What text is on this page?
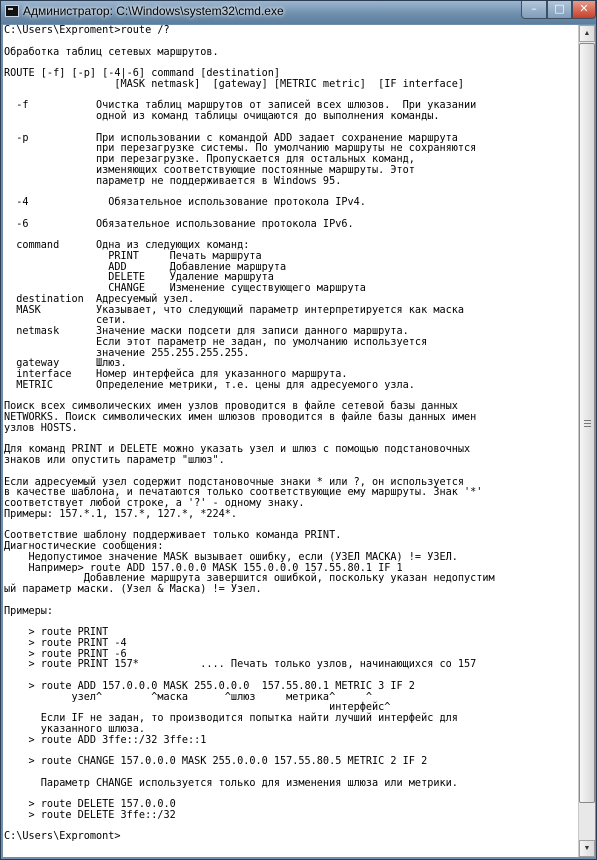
Администратор: C:\Windows\system32\cmd.exe	–	□	✕
C:\Users\Exproment>route /?

Обработка таблиц сетевых маршрутов.

ROUTE [-f] [-p] [-4|-6] command [destination]
[MASK netmask]  [gateway] [METRIC metric]  [IF interface]

-f           Очистка таблиц маршрутов от записей всех шлюзов.  При указании
одной из команд таблицы очищаются до выполнения команды.

-p           При использовании с командой ADD задает сохранение маршрута
при перезагрузке системы. По умолчанию маршруты не сохраняются
при перезагрузке. Пропускается для остальных команд,
изменяющих соответствующие постоянные маршруты. Этот
параметр не поддерживается в Windows 95.

-4             Обязательное использование протокола IPv4.

-6           Обязательное использование протокола IPv6.

command      Одна из следующих команд:
PRINT     Печать маршрута
ADD       Добавление маршрута
DELETE    Удаление маршрута
CHANGE    Изменение существующего маршрута
destination  Адресуемый узел.
MASK         Указывает, что следующий параметр интерпретируется как маска
сети.
netmask      Значение маски подсети для записи данного маршрута.
Если этот параметр не задан, по умолчанию используется
значение 255.255.255.255.
gateway      Шлюз.
interface    Номер интерфейса для указанного маршрута.
METRIC       Определение метрики, т.е. цены для адресуемого узла.

Поиск всех символических имен узлов проводится в файле сетевой базы данных
NETWORKS. Поиск символических имен шлюзов проводится в файле базы данных имен
узлов HOSTS.

Для команд PRINT и DELETE можно указать узел и шлюз с помощью подстановочных
знаков или опустить параметр "шлюз".

Если адресуемый узел содержит подстановочные знаки * или ?, он используется
в качестве шаблона, и печатаются только соответствующие ему маршруты. Знак '*'
соответствует любой строке, а '?' - одному знаку.
Примеры: 157.*.1, 157.*, 127.*, *224*.

Соответствие шаблону поддерживает только команда PRINT.
Диагностические сообщения:
Недопустимое значение MASK вызывает ошибку, если (УЗЕЛ МАСКА) != УЗЕЛ.
Например> route ADD 157.0.0.0 MASK 155.0.0.0 157.55.80.1 IF 1
Добавление маршрута завершится ошибкой, поскольку указан недопустим
ый параметр маски. (Узел & Маска) != Узел.

Примеры:

> route PRINT
> route PRINT -4
> route PRINT -6
> route PRINT 157*          .... Печать только узлов, начинающихся со 157

> route ADD 157.0.0.0 MASK 255.0.0.0  157.55.80.1 METRIC 3 IF 2
узел^        ^маска      ^шлюз     метрика^     ^
интерфейс^
Если IF не задан, то производится попытка найти лучший интерфейс для
указанного шлюза.
> route ADD 3ffe::/32 3ffe::1

> route CHANGE 157.0.0.0 MASK 255.0.0.0 157.55.80.5 METRIC 2 IF 2

Параметр CHANGE используется только для изменения шлюза или метрики.

> route DELETE 157.0.0.0
> route DELETE 3ffe::/32

C:\Users\Expromont>
▲
▼
